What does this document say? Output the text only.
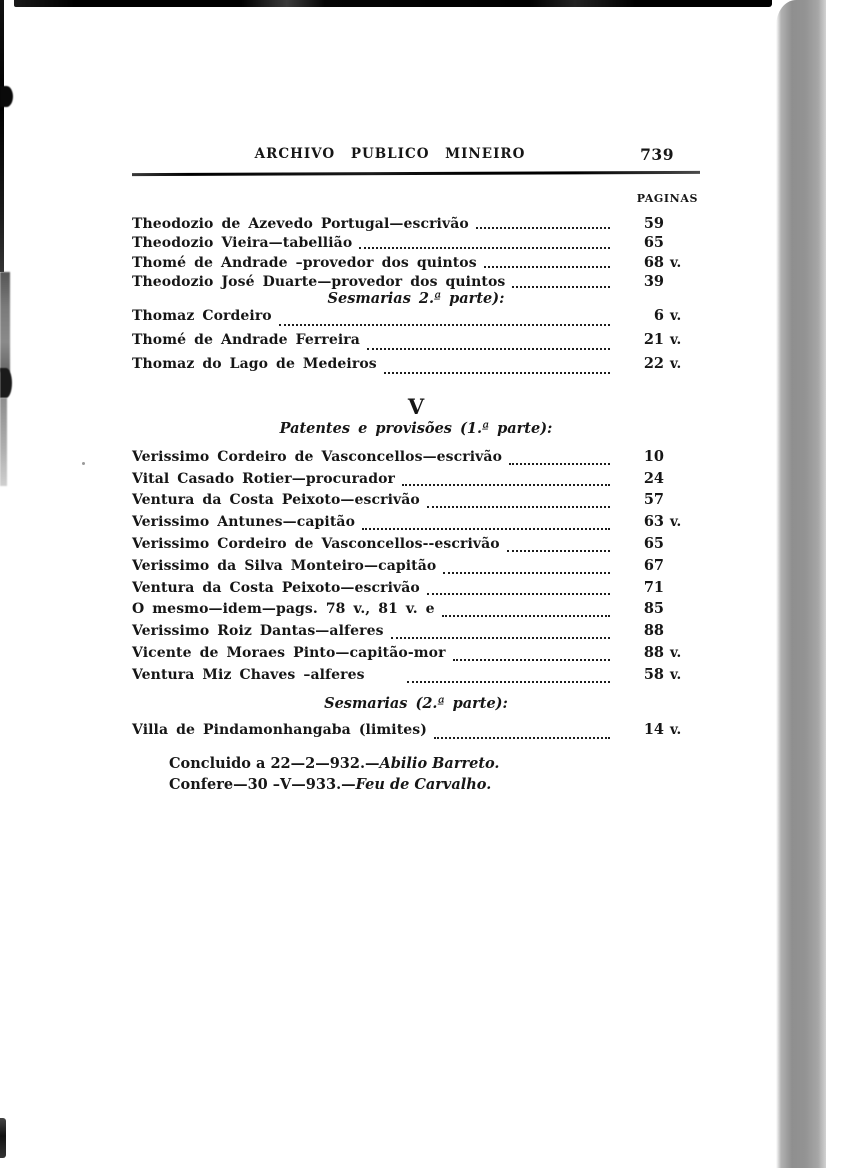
ARCHIVO PUBLICO MINEIRO	739
PAGINAS
Theodozio de Azevedo Portugal—escrivão	59
Theodozio Vieira—tabellião	65
Thomé de Andrade –provedor dos quintos	68 v.
Theodozio José Duarte—provedor dos quintos	39
Sesmarias 2.ª parte):
Thomaz Cordeiro	6 v.
Thomé de Andrade Ferreira	21 v.
Thomaz do Lago de Medeiros	22 v.
V
Patentes e provisões (1.ª parte):
Verissimo Cordeiro de Vasconcellos—escrivão	10
Vital Casado Rotier—procurador	24
Ventura da Costa Peixoto—escrivão	57
Verissimo Antunes—capitão	63 v.
Verissimo Cordeiro de Vasconcellos--escrivão	65
Verissimo da Silva Monteiro—capitão	67
Ventura da Costa Peixoto—escrivão	71
O mesmo—idem—pags. 78 v., 81 v. e	85
Verissimo Roiz Dantas—alferes	88
Vicente de Moraes Pinto—capitão-mor	88 v.
Ventura Miz Chaves –alferes	58 v.
Sesmarias (2.ª parte):
Villa de Pindamonhangaba (limites)	14 v.
Concluido a 22—2—932.—Abilio Barreto.
Confere—30 –V—933.—Feu de Carvalho.
